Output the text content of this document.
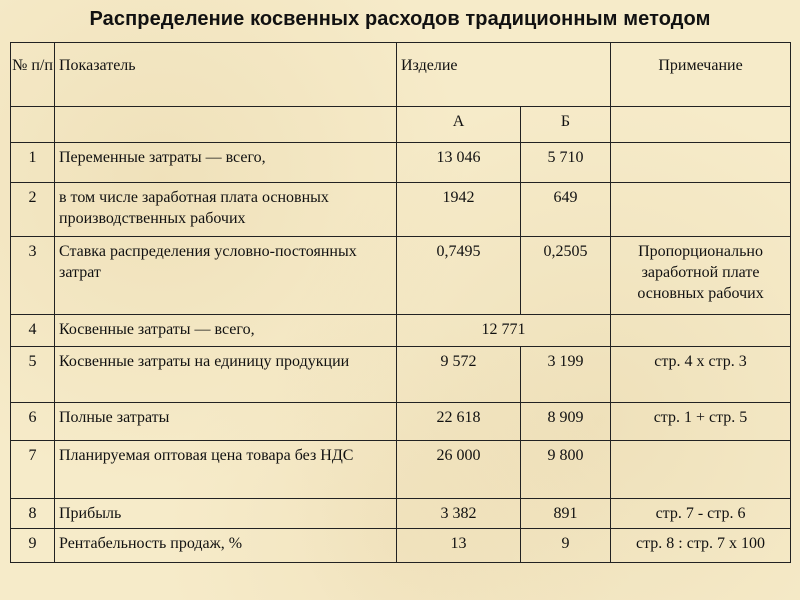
Распределение косвенных расходов традиционным методом
№ п/п	Показатель	Изделие		Примечание
		А	Б	
1	Переменные затраты — всего,	13 046	5 710	
2	в том числе заработная плата основных производственных рабочих	1942	649	
3	Ставка распределения условно-постоянных затрат	0,7495	0,2505	Пропорционально заработной плате основных рабочих
4	Косвенные затраты — всего,	12 771		
5	Косвенные затраты на единицу продукции	9 572	3 199	стр. 4 х стр. 3
6	Полные затраты	22 618	8 909	стр. 1 + стр. 5
7	Планируемая оптовая цена товара без НДС	26 000	9 800	
8	Прибыль	3 382	891	стр. 7 - стр. 6
9	Рентабельность продаж, %	13	9	стр. 8 : стр. 7 х 100
